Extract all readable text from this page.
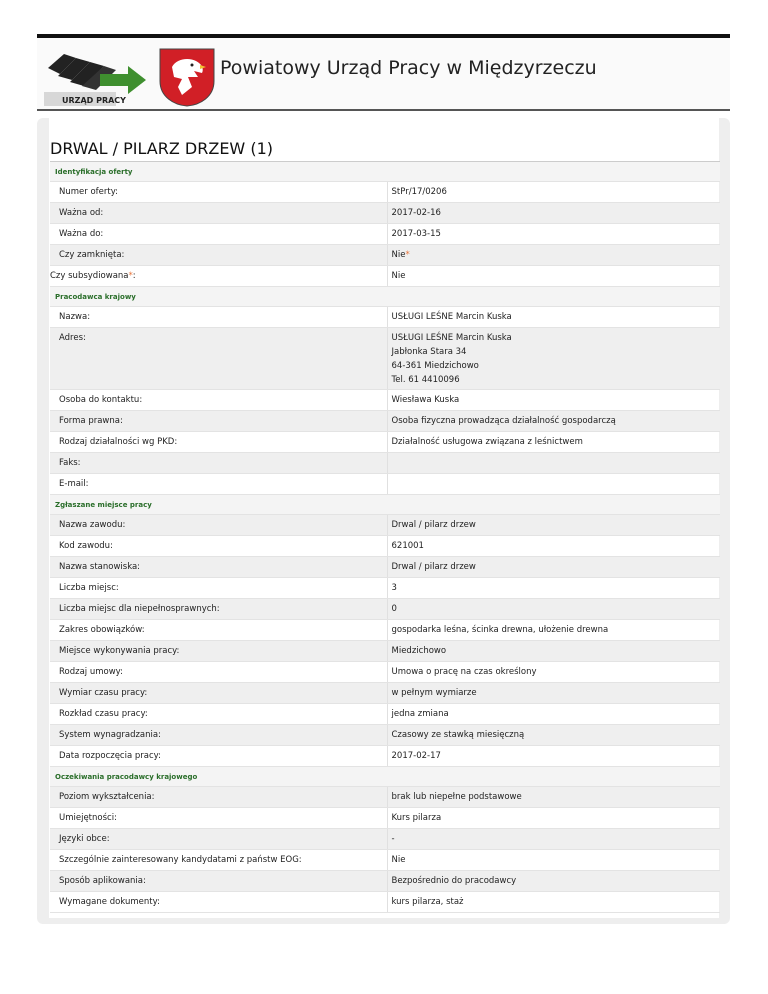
URZĄD PRACY
Powiatowy Urząd Pracy w Międzyrzeczu
DRWAL / PILARZ DRZEW (1)
Identyfikacja oferty	
Numer oferty:	StPr/17/0206
Ważna od:	2017-02-16
Ważna do:	2017-03-15
Czy zamknięta:	Nie*
Czy subsydiowana*:	Nie
Pracodawca krajowy	
Nazwa:	USŁUGI LEŚNE Marcin Kuska
Adres:	USŁUGI LEŚNE Marcin Kuska
Jabłonka Stara 34
64-361 Miedzichowo
Tel. 61 4410096

Osoba do kontaktu:	Wiesława Kuska
Forma prawna:	Osoba fizyczna prowadząca działalność gospodarczą
Rodzaj działalności wg PKD:	Działalność usługowa związana z leśnictwem
Faks:	
E-mail:	
Zgłaszane miejsce pracy	
Nazwa zawodu:	Drwal / pilarz drzew
Kod zawodu:	621001
Nazwa stanowiska:	Drwal / pilarz drzew
Liczba miejsc:	3
Liczba miejsc dla niepełnosprawnych:	0
Zakres obowiązków:	gospodarka leśna, ścinka drewna, ułożenie drewna
Miejsce wykonywania pracy:	Miedzichowo
Rodzaj umowy:	Umowa o pracę na czas określony
Wymiar czasu pracy:	w pełnym wymiarze
Rozkład czasu pracy:	jedna zmiana
System wynagradzania:	Czasowy ze stawką miesięczną
Data rozpoczęcia pracy:	2017-02-17
Oczekiwania pracodawcy krajowego	
Poziom wykształcenia:	brak lub niepełne podstawowe
Umiejętności:	Kurs pilarza
Języki obce:	-
Szczególnie zainteresowany kandydatami z państw EOG:	Nie
Sposób aplikowania:	Bezpośrednio do pracodawcy
Wymagane dokumenty:	kurs pilarza, staż
